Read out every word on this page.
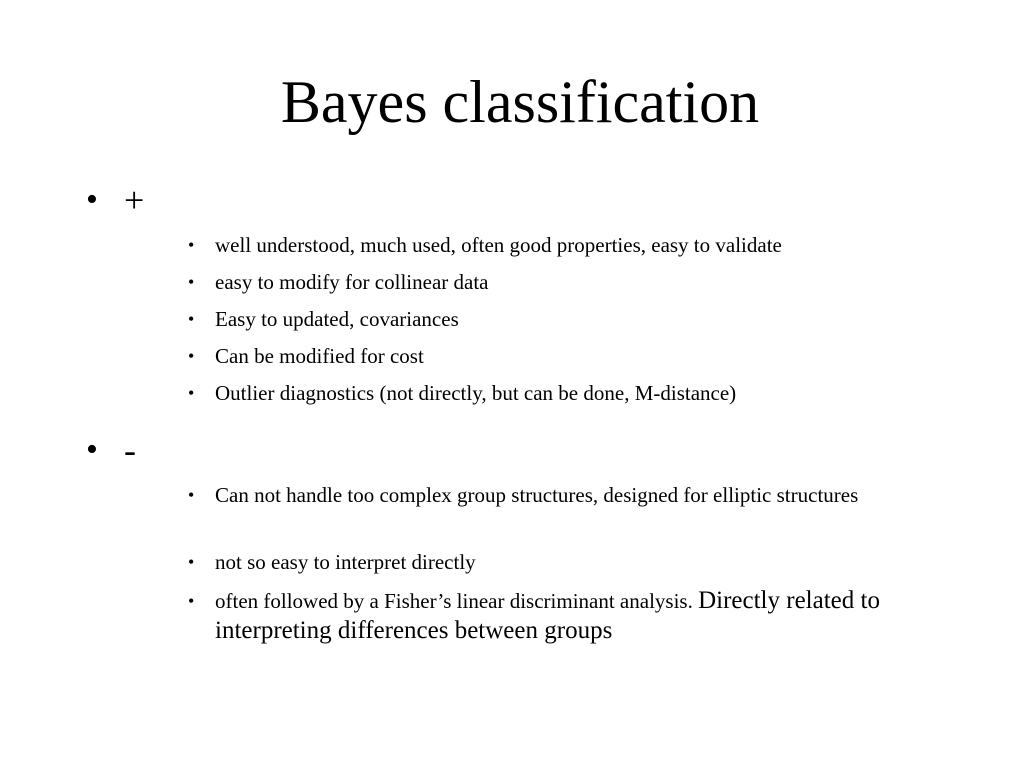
Bayes classification
• +
• well understood, much used, often good properties, easy to validate
• easy to modify for collinear data
• Easy to updated, covariances
• Can be modified for cost
• Outlier diagnostics (not directly, but can be done, M-distance)
• -
• Can not handle too complex group structures, designed for elliptic structures
• not so easy to interpret directly
• often followed by a Fisher’s linear discriminant analysis. Directly related to interpreting differences between groups
